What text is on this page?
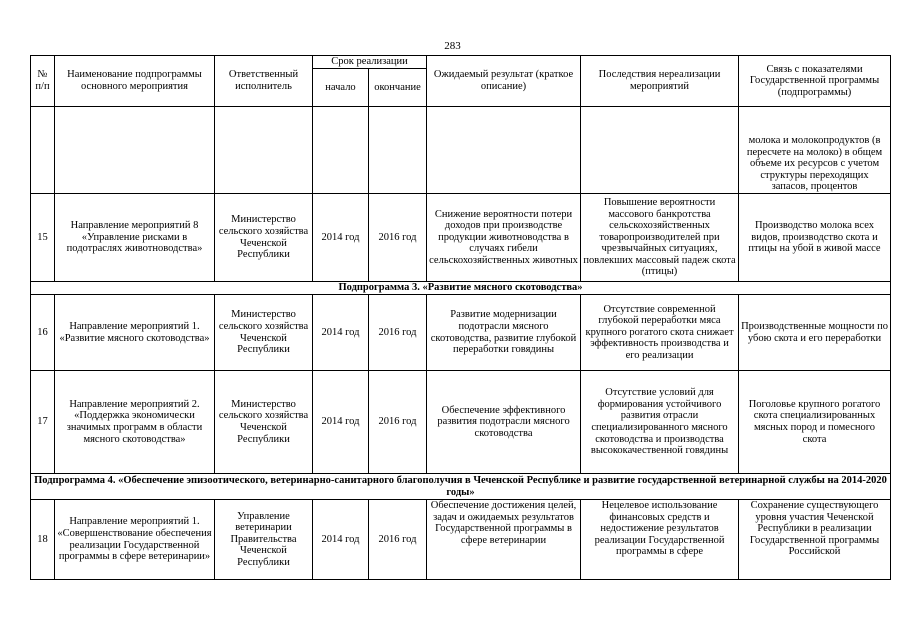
283
№ п/п	Наименование подпрограммы основного мероприятия	Ответственный исполнитель	Срок реализации		Ожидаемый результат (краткое описание)	Последствия нереализации мероприятий	Связь с показателями Государственной программы (подпрограммы)
			начало	окончание			
							молока и молокопродуктов (в пересчете на молоко) в общем объеме их ресурсов с учетом структуры переходящих запасов, процентов
15	Направление мероприятий 8 «Управление рисками в подотраслях животноводства»	Министерство сельского хозяйства Чеченской Республики	2014 год	2016 год	Снижение вероятности потери доходов при производстве продукции животноводства в случаях гибели сельскохозяйственных животных	Повышение вероятности массового банкротства сельскохозяйственных товаропроизводителей при чрезвычайных ситуациях, повлекших массовый падеж скота (птицы)	Производство молока всех видов, производство скота и птицы на убой в живой массе
Подпрограмма 3. «Развитие мясного скотоводства»							
16	Направление мероприятий 1. «Развитие мясного скотоводства»	Министерство сельского хозяйства Чеченской Республики	2014 год	2016 год	Развитие модернизации подотрасли мясного скотоводства, развитие глубокой переработки говядины	Отсутствие современной глубокой переработки мяса крупного рогатого скота снижает эффективность производства и его реализации	Производственные мощности по убою скота и его переработки
17	Направление мероприятий 2. «Поддержка экономически значимых программ в области мясного скотоводства»	Министерство сельского хозяйства Чеченской Республики	2014 год	2016 год	Обеспечение эффективного развития подотрасли мясного скотоводства	Отсутствие условий для формирования устойчивого развития отрасли специализированного мясного скотоводства и производства высококачественной говядины	Поголовье крупного рогатого скота специализированных мясных пород и помесного скота
Подпрограмма 4. «Обеспечение эпизоотического, ветеринарно-санитарного благополучия в Чеченской Республике и развитие государственной ветеринарной службы на 2014-2020 годы»							
18	Направление мероприятий 1. «Совершенствование обеспечения реализации Государственной программы в сфере ветеринарии»	Управление ветеринарии Правительства Чеченской Республики	2014 год	2016 год	Обеспечение достижения целей, задач и ожидаемых результатов Государственной программы в сфере ветеринарии	Нецелевое использование финансовых средств и недостижение результатов реализации Государственной программы в сфере	Сохранение существующего уровня участия Чеченской Республики в реализации Государственной программы Российской
